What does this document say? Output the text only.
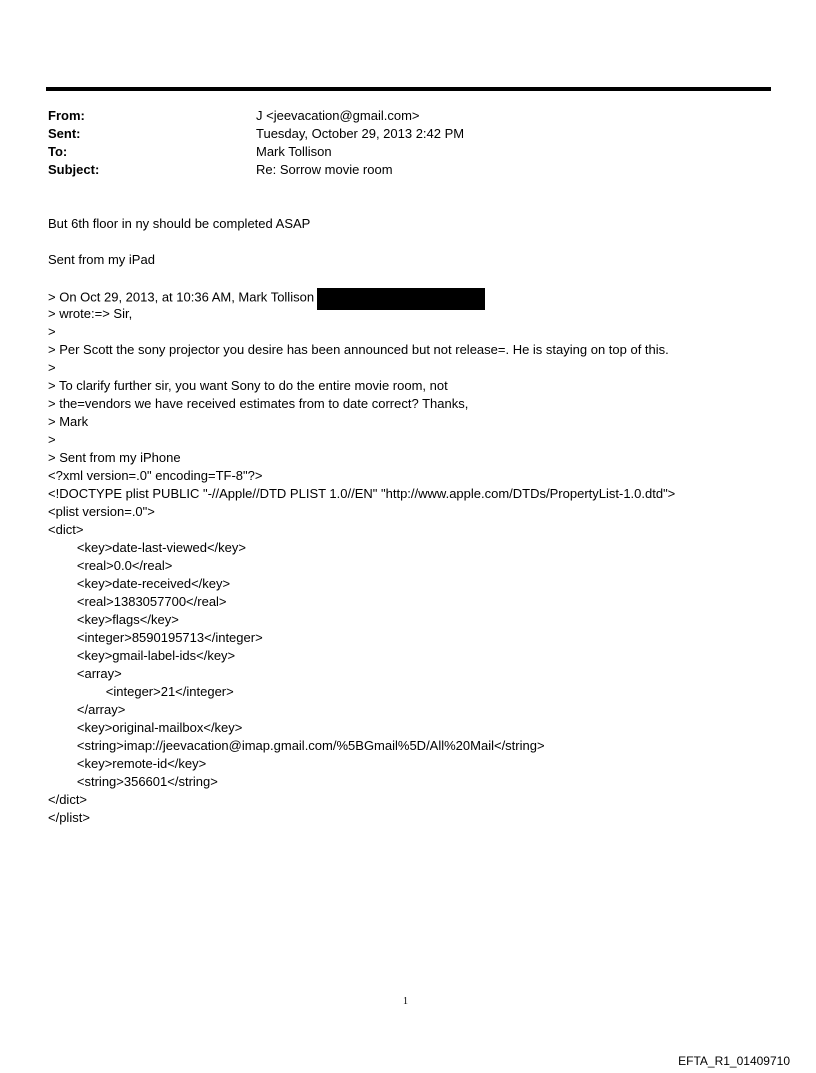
From:	J <jeevacation@gmail.com>
Sent:	Tuesday, October 29, 2013 2:42 PM
To:	Mark Tollison
Subject:	Re: Sorrow movie room
But 6th floor in ny should be completed ASAP
Sent from my iPad
> On Oct 29, 2013, at 10:36 AM, Mark Tollison
> wrote:=> Sir,
>
> Per Scott the sony projector you desire has been announced but not release=. He is staying on top of this.
>
> To clarify further sir, you want Sony to do the entire movie room, not
> the=vendors we have received estimates from to date correct? Thanks,
> Mark
>
> Sent from my iPhone
<?xml version=.0" encoding=TF-8"?>
<!DOCTYPE plist PUBLIC "-//Apple//DTD PLIST 1.0//EN" "http://www.apple.com/DTDs/PropertyList-1.0.dtd">
<plist version=.0">
<dict>
<key>date-last-viewed</key>
<real>0.0</real>
<key>date-received</key>
<real>1383057700</real>
<key>flags</key>
<integer>8590195713</integer>
<key>gmail-label-ids</key>
<array>
<integer>21</integer>
</array>
<key>original-mailbox</key>
<string>imap://jeevacation@imap.gmail.com/%5BGmail%5D/All%20Mail</string>
<key>remote-id</key>
<string>356601</string>
</dict>
</plist>
1
EFTA_R1_01409710
